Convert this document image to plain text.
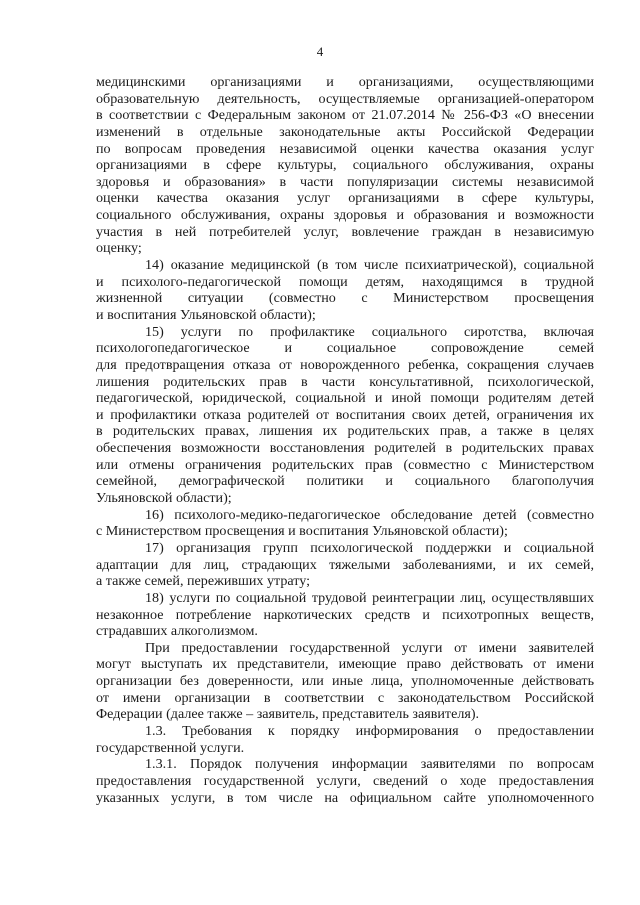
4
медицинскими организациями и организациями, осуществляющими
образовательную деятельность, осуществляемые организацией-оператором
в соответствии с Федеральным законом от 21.07.2014 № 256-ФЗ «О внесении
изменений в отдельные законодательные акты Российской Федерации
по вопросам проведения независимой оценки качества оказания услуг
организациями в сфере культуры, социального обслуживания, охраны
здоровья и образования» в части популяризации системы независимой
оценки качества оказания услуг организациями в сфере культуры,
социального обслуживания, охраны здоровья и образования и возможности
участия в ней потребителей услуг, вовлечение граждан в независимую
оценку;
14) оказание медицинской (в том числе психиатрической), социальной
и психолого-педагогической помощи детям, находящимся в трудной
жизненной ситуации (совместно с Министерством просвещения
и воспитания Ульяновской области);
15) услуги по профилактике социального сиротства, включая
психологопедагогическое и социальное сопровождение семей
для предотвращения отказа от новорожденного ребенка, сокращения случаев
лишения родительских прав в части консультативной, психологической,
педагогической, юридической, социальной и иной помощи родителям детей
и профилактики отказа родителей от воспитания своих детей, ограничения их
в родительских правах, лишения их родительских прав, а также в целях
обеспечения возможности восстановления родителей в родительских правах
или отмены ограничения родительских прав (совместно с Министерством
семейной, демографической политики и социального благополучия
Ульяновской области);
16) психолого-медико-педагогическое обследование детей (совместно
с Министерством просвещения и воспитания Ульяновской области);
17) организация групп психологической поддержки и социальной
адаптации для лиц, страдающих тяжелыми заболеваниями, и их семей,
а также семей, переживших утрату;
18) услуги по социальной трудовой реинтеграции лиц, осуществлявших
незаконное потребление наркотических средств и психотропных веществ,
страдавших алкоголизмом.
При предоставлении государственной услуги от имени заявителей
могут выступать их представители, имеющие право действовать от имени
организации без доверенности, или иные лица, уполномоченные действовать
от имени организации в соответствии с законодательством Российской
Федерации (далее также – заявитель, представитель заявителя).
1.3. Требования к порядку информирования о предоставлении
государственной услуги.
1.3.1. Порядок получения информации заявителями по вопросам
предоставления государственной услуги, сведений о ходе предоставления
указанных услуги, в том числе на официальном сайте уполномоченного
